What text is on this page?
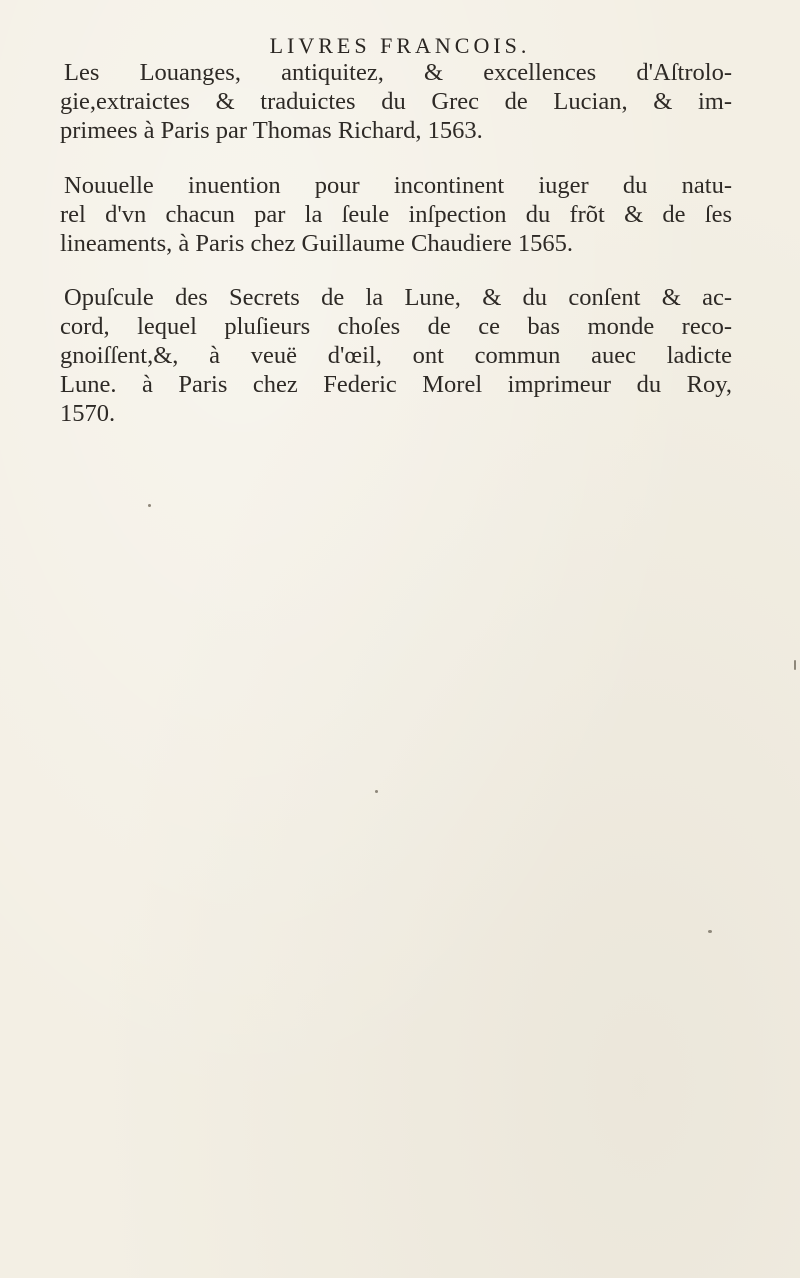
LIVRES FRANCOIS.
Les Louanges, antiquitez, & excellences d'Aſtrolo-
gie,extraictes & traduictes du Grec de Lucian, & im-
primees à Paris par Thomas Richard, 1563.
Nouuelle inuention pour incontinent iuger du natu-
rel d'vn chacun par la ſeule inſpection du frõt & de ſes
lineaments, à Paris chez Guillaume Chaudiere 1565.
Opuſcule des Secrets de la Lune, & du conſent & ac-
cord, lequel pluſieurs choſes de ce bas monde reco-
gnoiſſent,&, à veuë d'œil, ont commun auec ladicte
Lune. à Paris chez Federic Morel imprimeur du Roy,
1570.
